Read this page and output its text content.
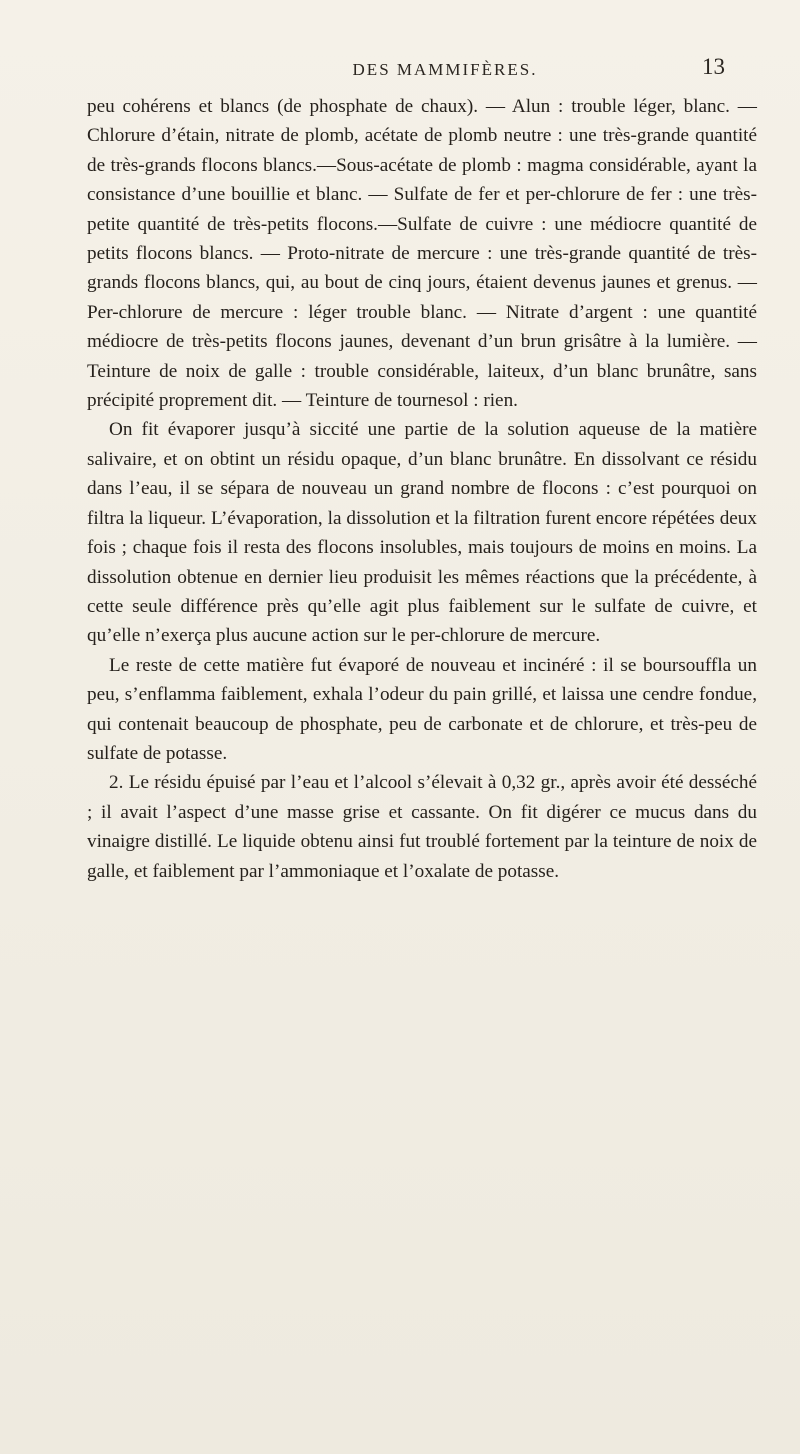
DES MAMMIFÈRES.	13

peu cohérens et blancs (de phosphate de chaux). — Alun : trouble léger, blanc. — Chlorure d’étain, nitrate de plomb, acétate de plomb neutre : une très-grande quantité de très-grands flocons blancs.—Sous-acétate de plomb : magma considérable, ayant la consistance d’une bouillie et blanc. — Sulfate de fer et per-chlorure de fer : une très-petite quantité de très-petits flocons.—Sulfate de cuivre : une médiocre quantité de petits flocons blancs. — Proto-nitrate de mercure : une très-grande quantité de très-grands flocons blancs, qui, au bout de cinq jours, étaient devenus jaunes et grenus. — Per-chlorure de mercure : léger trouble blanc. — Nitrate d’argent : une quantité médiocre de très-petits flocons jaunes, devenant d’un brun grisâtre à la lumière. — Teinture de noix de galle : trouble considérable, laiteux, d’un blanc brunâtre, sans précipité proprement dit. — Teinture de tournesol : rien.

On fit évaporer jusqu’à siccité une partie de la solution aqueuse de la matière salivaire, et on obtint un résidu opaque, d’un blanc brunâtre. En dissolvant ce résidu dans l’eau, il se sépara de nouveau un grand nombre de flocons : c’est pourquoi on filtra la liqueur. L’évaporation, la dissolution et la filtration furent encore répétées deux fois ; chaque fois il resta des flocons insolubles, mais toujours de moins en moins. La dissolution obtenue en dernier lieu produisit les mêmes réactions que la précédente, à cette seule différence près qu’elle agit plus faiblement sur le sulfate de cuivre, et qu’elle n’exerça plus aucune action sur le per-chlorure de mercure.

Le reste de cette matière fut évaporé de nouveau et incinéré : il se boursouffla un peu, s’enflamma faiblement, exhala l’odeur du pain grillé, et laissa une cendre fondue, qui contenait beaucoup de phosphate, peu de carbonate et de chlorure, et très-peu de sulfate de potasse.

2. Le résidu épuisé par l’eau et l’alcool s’élevait à 0,32 gr., après avoir été desséché ; il avait l’aspect d’une masse grise et cassante. On fit digérer ce mucus dans du vinaigre distillé. Le liquide obtenu ainsi fut troublé fortement par la teinture de noix de galle, et faiblement par l’ammoniaque et l’oxalate de potasse.
